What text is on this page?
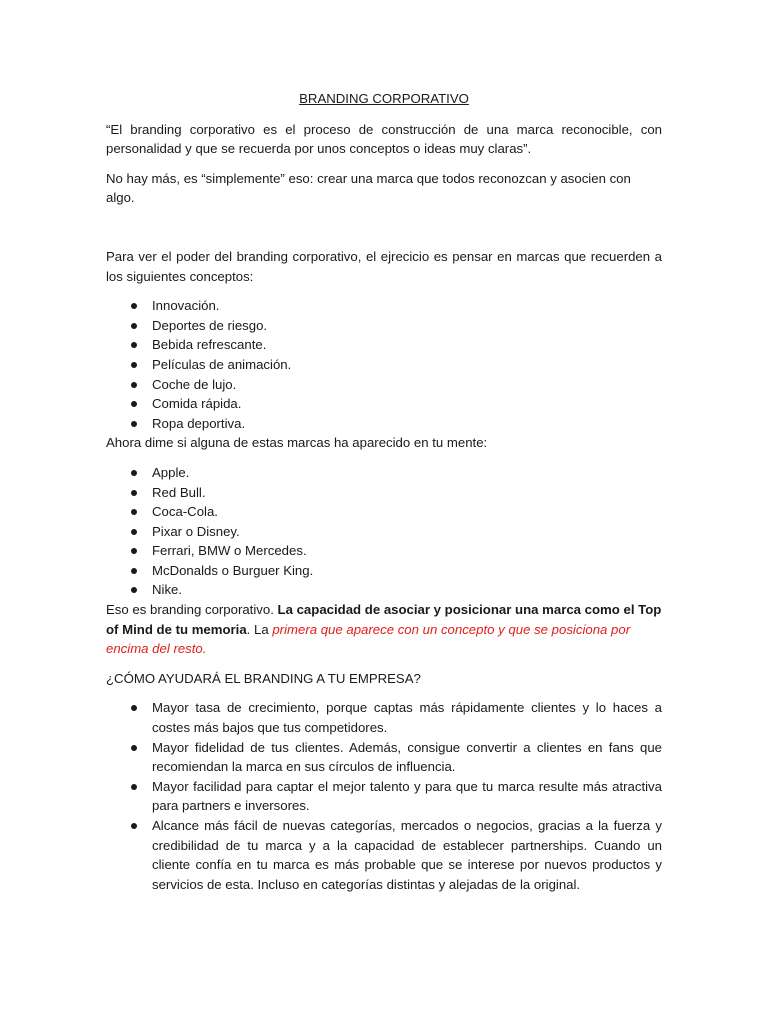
BRANDING CORPORATIVO

“El branding corporativo es el proceso de construcción de una marca reconocible, con personalidad y que se recuerda por unos conceptos o ideas muy claras”.

No hay más, es “simplemente” eso: crear una marca que todos reconozcan y asocien con algo.

Para ver el poder del branding corporativo, el ejrecicio es pensar en marcas que recuerden a los siguientes conceptos:

Innovación.
Deportes de riesgo.
Bebida refrescante.
Películas de animación.
Coche de lujo.
Comida rápida.
Ropa deportiva.

Ahora dime si alguna de estas marcas ha aparecido en tu mente:

Apple.
Red Bull.
Coca-Cola.
Pixar o Disney.
Ferrari, BMW o Mercedes.
McDonalds o Burguer King.
Nike.

Eso es branding corporativo. La capacidad de asociar y posicionar una marca como el Top of Mind de tu memoria. La primera que aparece con un concepto y que se posiciona por encima del resto.

¿CÓMO AYUDARÁ EL BRANDING A TU EMPRESA?

Mayor tasa de crecimiento, porque captas más rápidamente clientes y lo haces a costes más bajos que tus competidores.
Mayor fidelidad de tus clientes. Además, consigue convertir a clientes en fans que recomiendan la marca en sus círculos de influencia.
Mayor facilidad para captar el mejor talento y para que tu marca resulte más atractiva para partners e inversores.
Alcance más fácil de nuevas categorías, mercados o negocios, gracias a la fuerza y credibilidad de tu marca y a la capacidad de establecer partnerships. Cuando un cliente confía en tu marca es más probable que se interese por nuevos productos y servicios de esta. Incluso en categorías distintas y alejadas de la original.
